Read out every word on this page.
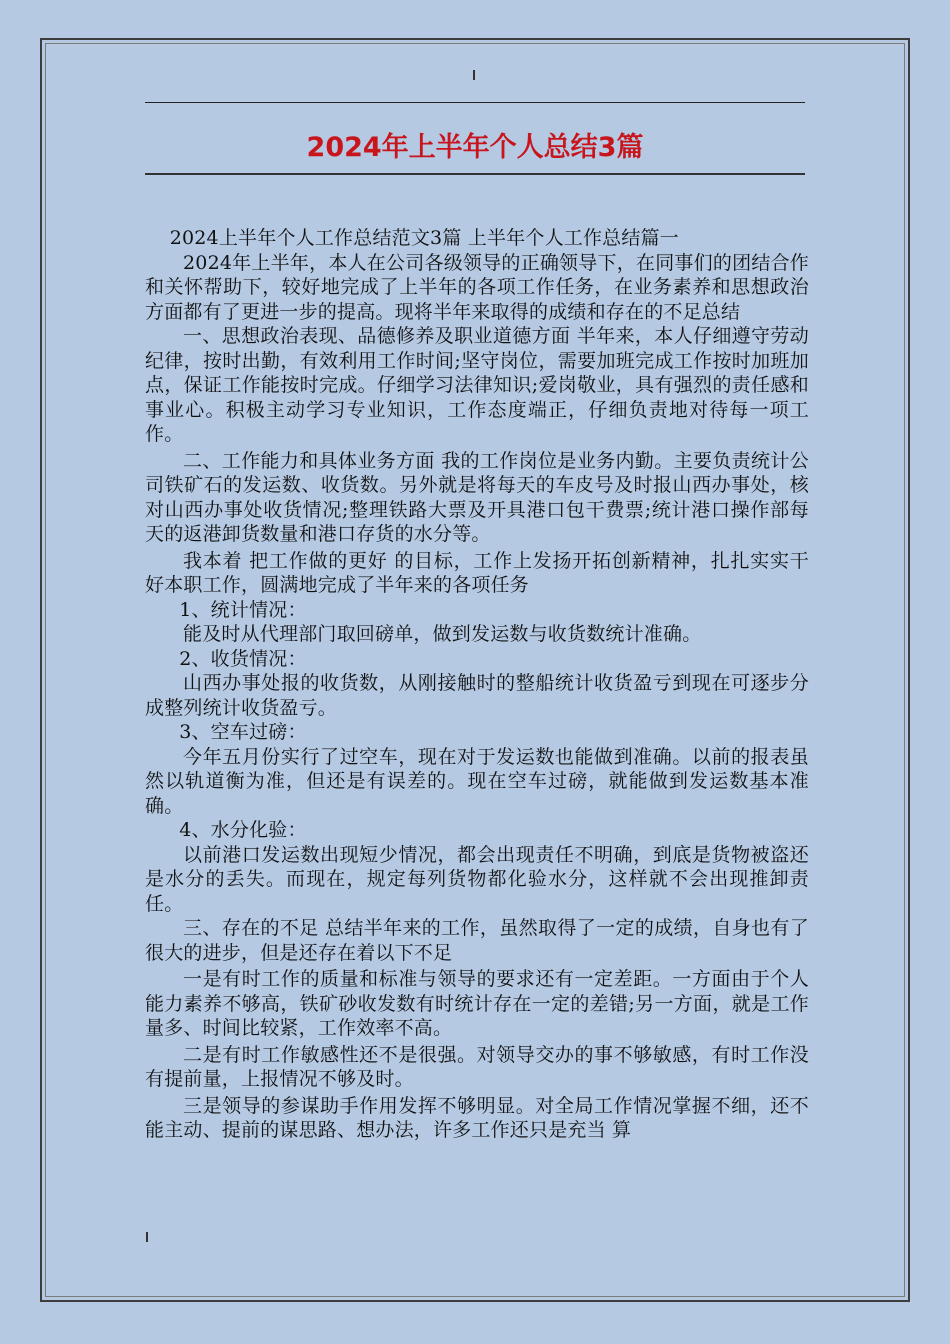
2024年上半年个人总结3篇

2024上半年个人工作总结范文3篇 上半年个人工作总结篇一

2024年上半年，本人在公司各级领导的正确领导下，在同事们的团结合作和关怀帮助下，较好地完成了上半年的各项工作任务，在业务素养和思想政治方面都有了更进一步的提高。现将半年来取得的成绩和存在的不足总结

一、思想政治表现、品德修养及职业道德方面 半年来，本人仔细遵守劳动纪律，按时出勤，有效利用工作时间;坚守岗位，需要加班完成工作按时加班加点，保证工作能按时完成。仔细学习法律知识;爱岗敬业，具有强烈的责任感和事业心。积极主动学习专业知识，工作态度端正，仔细负责地对待每一项工作。

二、工作能力和具体业务方面 我的工作岗位是业务内勤。主要负责统计公司铁矿石的发运数、收货数。另外就是将每天的车皮号及时报山西办事处，核对山西办事处收货情况;整理铁路大票及开具港口包干费票;统计港口操作部每天的返港卸货数量和港口存货的水分等。

我本着 把工作做的更好 的目标，工作上发扬开拓创新精神，扎扎实实干好本职工作，圆满地完成了半年来的各项任务

1、统计情况：

能及时从代理部门取回磅单，做到发运数与收货数统计准确。

2、收货情况：

山西办事处报的收货数，从刚接触时的整船统计收货盈亏到现在可逐步分成整列统计收货盈亏。

3、空车过磅：

今年五月份实行了过空车，现在对于发运数也能做到准确。以前的报表虽然以轨道衡为准，但还是有误差的。现在空车过磅，就能做到发运数基本准确。

4、水分化验：

以前港口发运数出现短少情况，都会出现责任不明确，到底是货物被盗还是水分的丢失。而现在，规定每列货物都化验水分，这样就不会出现推卸责任。

三、存在的不足 总结半年来的工作，虽然取得了一定的成绩，自身也有了很大的进步，但是还存在着以下不足

一是有时工作的质量和标准与领导的要求还有一定差距。一方面由于个人能力素养不够高，铁矿砂收发数有时统计存在一定的差错;另一方面，就是工作量多、时间比较紧，工作效率不高。

二是有时工作敏感性还不是很强。对领导交办的事不够敏感，有时工作没有提前量，上报情况不够及时。

三是领导的参谋助手作用发挥不够明显。对全局工作情况掌握不细，还不能主动、提前的谋思路、想办法，许多工作还只是充当 算
